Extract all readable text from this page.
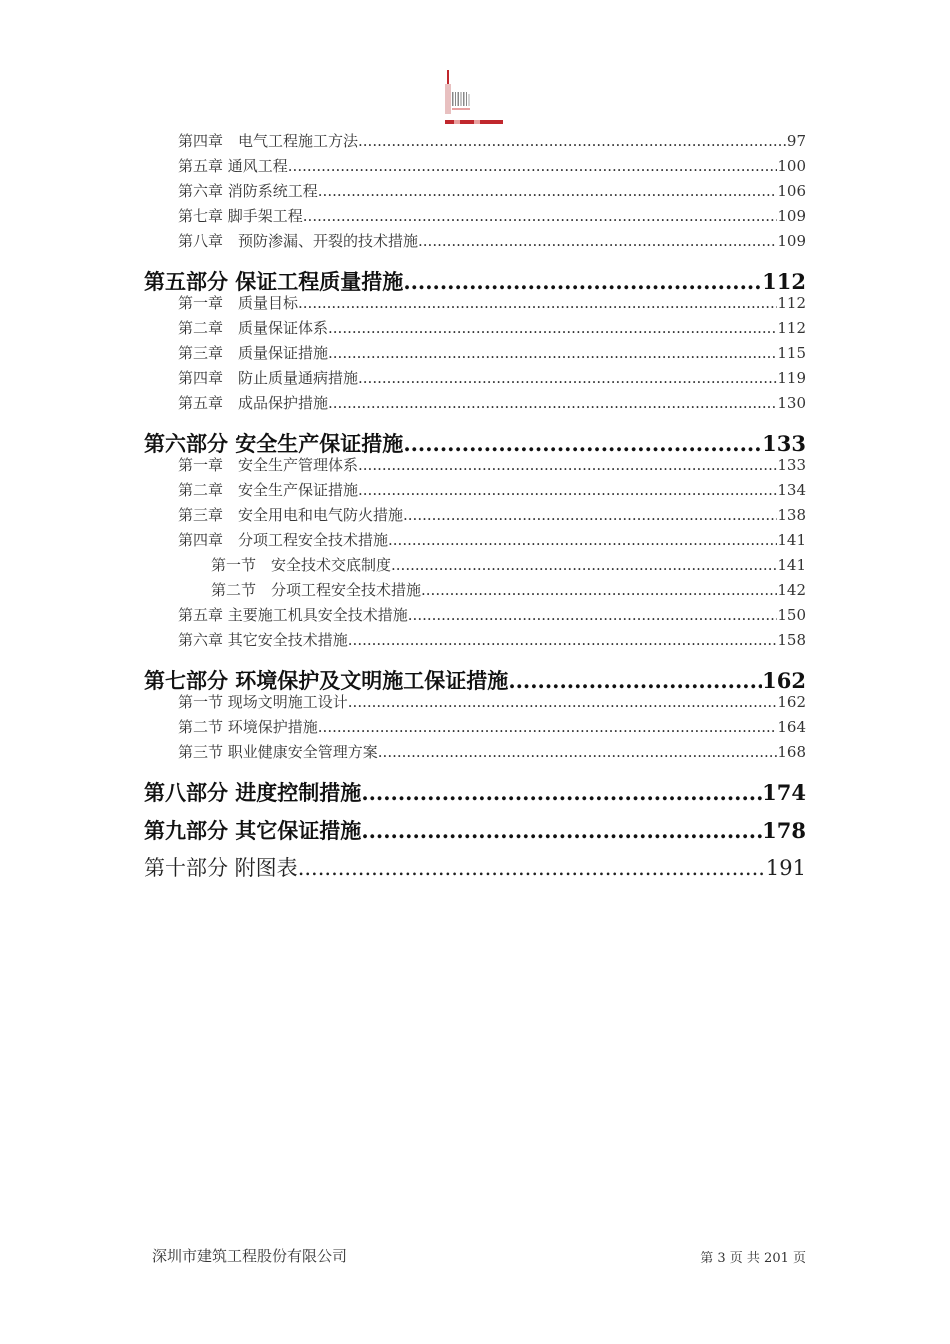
第四章　电气工程施工方法 .....	97
第五章 通风工程 .....	100
第六章 消防系统工程 .....	106
第七章 脚手架工程 .....	109
第八章　预防渗漏、开裂的技术措施 .....	109
第五部分 保证工程质量措施 .....	112
第一章　质量目标 .....	112
第二章　质量保证体系 .....	112
第三章　质量保证措施 .....	115
第四章　防止质量通病措施 .....	119
第五章　成品保护措施 .....	130
第六部分 安全生产保证措施 .....	133
第一章　安全生产管理体系 .....	133
第二章　安全生产保证措施 .....	134
第三章　安全用电和电气防火措施 .....	138
第四章　分项工程安全技术措施 .....	141
第一节　安全技术交底制度 .....	141
第二节　分项工程安全技术措施 .....	142
第五章 主要施工机具安全技术措施 .....	150
第六章 其它安全技术措施 .....	158
第七部分 环境保护及文明施工保证措施 .....	162
第一节 现场文明施工设计 .....	162
第二节 环境保护措施 .....	164
第三节 职业健康安全管理方案 .....	168
第八部分 进度控制措施 .....	174
第九部分 其它保证措施 .....	178
第十部分 附图表 .....	191
深圳市建筑工程股份有限公司	第 3 页 共 201 页
